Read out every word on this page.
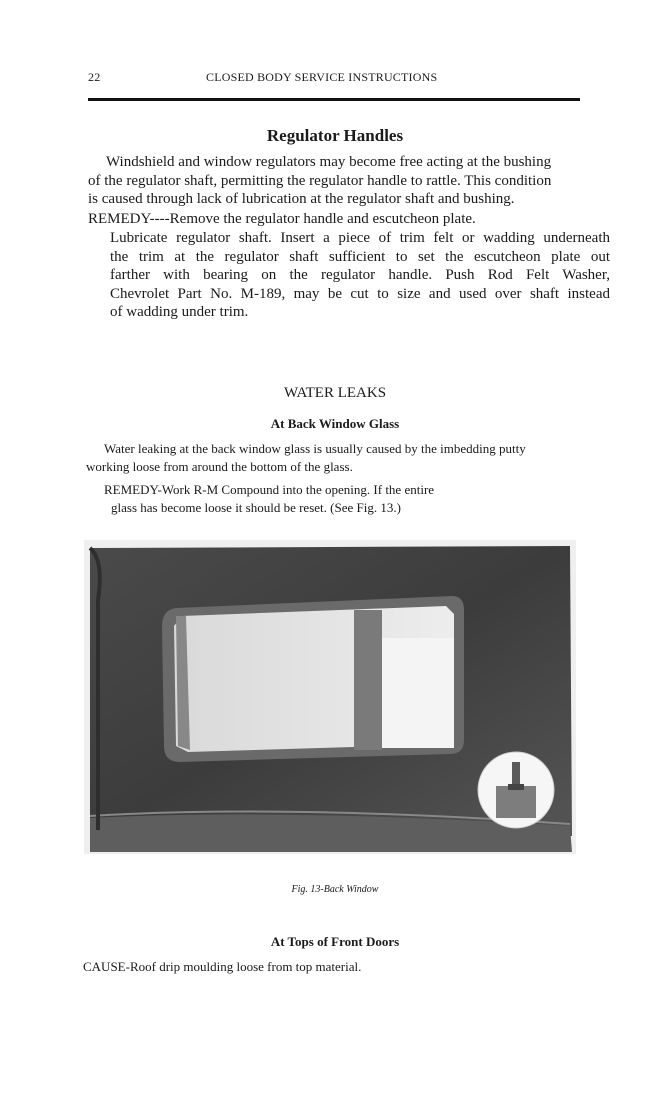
22	CLOSED BODY SERVICE INSTRUCTIONS
Regulator Handles
Windshield and window regulators may become free acting at the bushing
of the regulator shaft, permitting the regulator handle to rattle. This condition
is caused through lack of lubrication at the regulator shaft and bushing.
REMEDY----Remove the regulator handle and escutcheon plate.
Lubricate regulator shaft. Insert a piece of trim felt or wadding underneath
the trim at the regulator shaft sufficient to set the escutcheon plate out
farther with bearing on the regulator handle. Push Rod Felt Washer,
Chevrolet Part No. M-189, may be cut to size and used over shaft instead
of wadding under trim.
WATER LEAKS
At Back Window Glass
Water leaking at the back window glass is usually caused by the imbedding putty
working loose from around the bottom of the glass.
REMEDY-Work R-M Compound into the opening. If the entire
glass has become loose it should be reset. (See Fig. 13.)
Fig. 13-Back Window
At Tops of Front Doors
CAUSE-Roof drip moulding loose from top material.
